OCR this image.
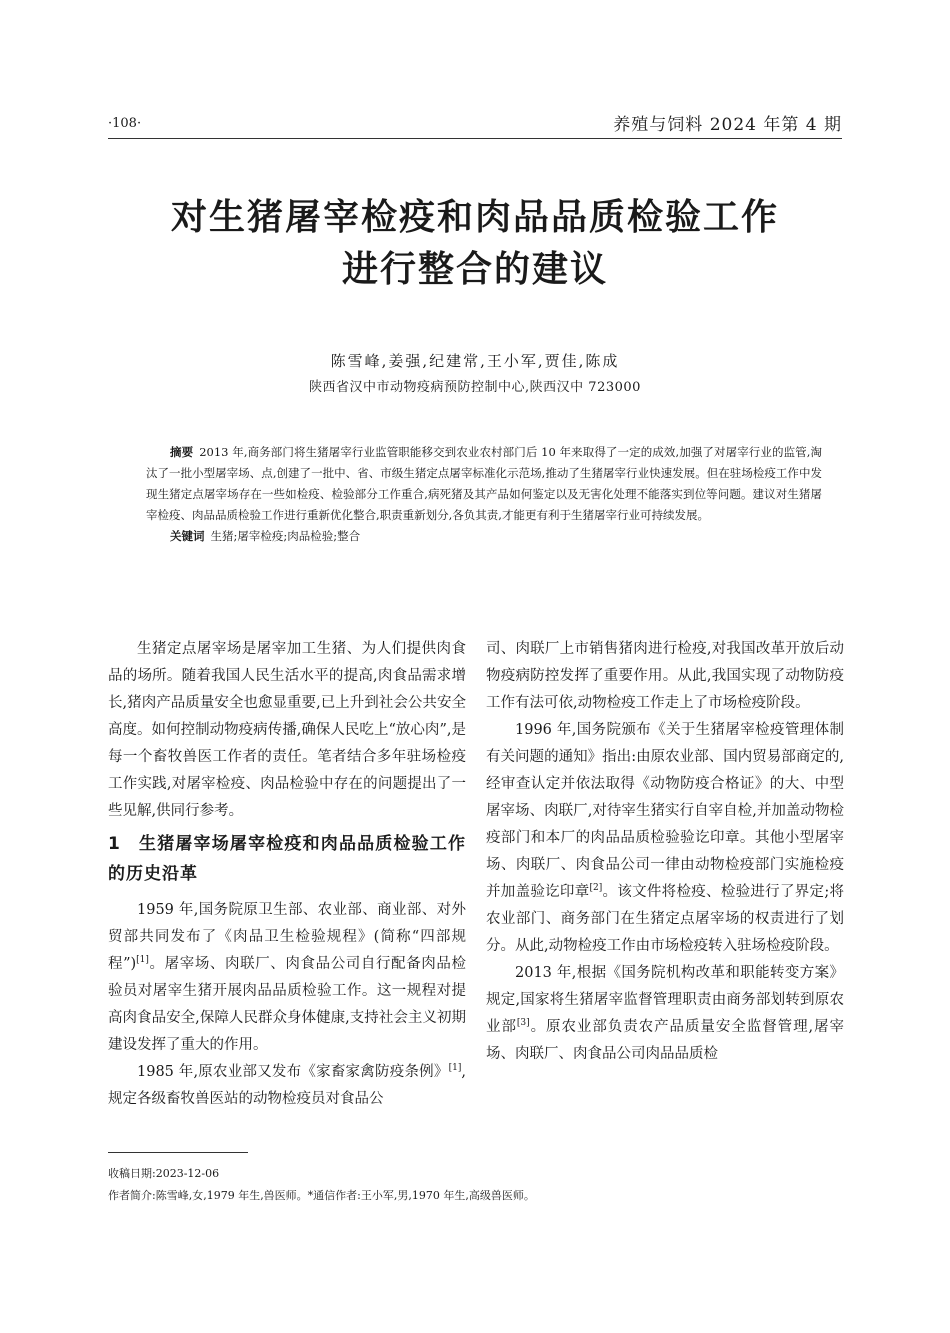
·108·	养殖与饲料 2024 年第 4 期
对生猪屠宰检疫和肉品品质检验工作
进行整合的建议
陈雪峰,姜强,纪建常,王小军,贾佳,陈成
陕西省汉中市动物疫病预防控制中心,陕西汉中 723000

摘要 2013 年,商务部门将生猪屠宰行业监管职能移交到农业农村部门后 10 年来取得了一定的成效,加强了对屠宰行业的监管,淘汰了一批小型屠宰场、点,创建了一批中、省、市级生猪定点屠宰标准化示范场,推动了生猪屠宰行业快速发展。但在驻场检疫工作中发现生猪定点屠宰场存在一些如检疫、检验部分工作重合,病死猪及其产品如何鉴定以及无害化处理不能落实到位等问题。建议对生猪屠宰检疫、肉品品质检验工作进行重新优化整合,职责重新划分,各负其责,才能更有利于生猪屠宰行业可持续发展。

关键词 生猪;屠宰检疫;肉品检验;整合

生猪定点屠宰场是屠宰加工生猪、为人们提供肉食品的场所。随着我国人民生活水平的提高,肉食品需求增长,猪肉产品质量安全也愈显重要,已上升到社会公共安全高度。如何控制动物疫病传播,确保人民吃上“放心肉”,是每一个畜牧兽医工作者的责任。笔者结合多年驻场检疫工作实践,对屠宰检疫、肉品检验中存在的问题提出了一些见解,供同行参考。

1 生猪屠宰场屠宰检疫和肉品品质检验工作的历史沿革

1959 年,国务院原卫生部、农业部、商业部、对外贸部共同发布了《肉品卫生检验规程》(简称“四部规程”)[1]。屠宰场、肉联厂、肉食品公司自行配备肉品检验员对屠宰生猪开展肉品品质检验工作。这一规程对提高肉食品安全,保障人民群众身体健康,支持社会主义初期建设发挥了重大的作用。

1985 年,原农业部又发布《家畜家禽防疫条例》[1],规定各级畜牧兽医站的动物检疫员对食品公

司、肉联厂上市销售猪肉进行检疫,对我国改革开放后动物疫病防控发挥了重要作用。从此,我国实现了动物防疫工作有法可依,动物检疫工作走上了市场检疫阶段。

1996 年,国务院颁布《关于生猪屠宰检疫管理体制有关问题的通知》指出:由原农业部、国内贸易部商定的,经审查认定并依法取得《动物防疫合格证》的大、中型屠宰场、肉联厂,对待宰生猪实行自宰自检,并加盖动物检疫部门和本厂的肉品品质检验验讫印章。其他小型屠宰场、肉联厂、肉食品公司一律由动物检疫部门实施检疫并加盖验讫印章[2]。该文件将检疫、检验进行了界定;将农业部门、商务部门在生猪定点屠宰场的权责进行了划分。从此,动物检疫工作由市场检疫转入驻场检疫阶段。

2013 年,根据《国务院机构改革和职能转变方案》规定,国家将生猪屠宰监督管理职责由商务部划转到原农业部[3]。原农业部负责农产品质量安全监督管理,屠宰场、肉联厂、肉食品公司肉品品质检

收稿日期:2023-12-06
作者简介:陈雪峰,女,1979 年生,兽医师。*通信作者:王小军,男,1970 年生,高级兽医师。
